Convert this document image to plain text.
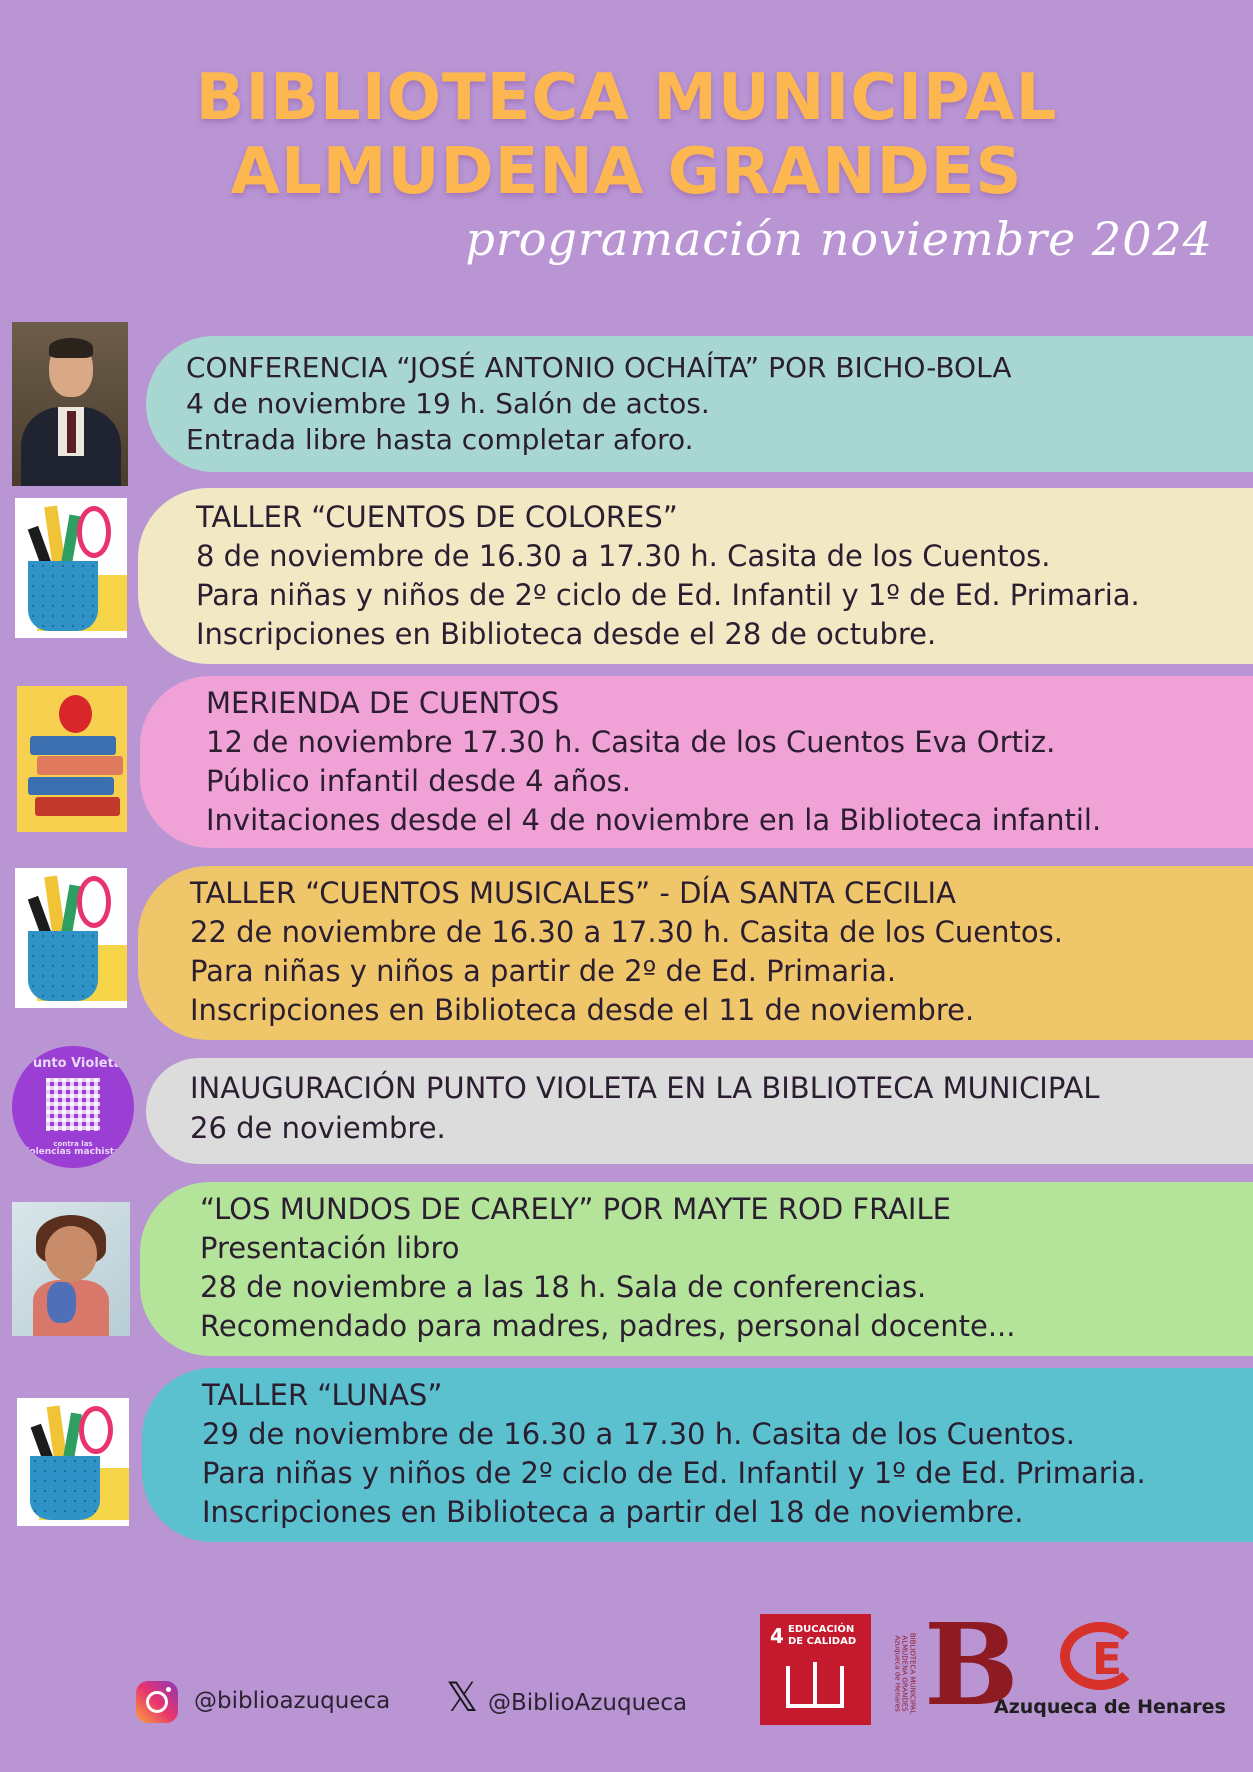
BIBLIOTECA MUNICIPAL
ALMUDENA GRANDES
programación noviembre 2024
CONFERENCIA “JOSÉ ANTONIO OCHAÍTA” POR BICHO-BOLA
4 de noviembre 19 h. Salón de actos.
Entrada libre hasta completar aforo.
TALLER “CUENTOS DE COLORES”
8 de noviembre de 16.30 a 17.30 h. Casita de los Cuentos.
Para niñas y niños de 2º ciclo de Ed. Infantil y 1º de Ed. Primaria.
Inscripciones en Biblioteca desde el 28 de octubre.
MERIENDA DE CUENTOS
12 de noviembre 17.30 h. Casita de los Cuentos Eva Ortiz.
Público infantil desde 4 años.
Invitaciones desde el 4 de noviembre en la Biblioteca infantil.
TALLER “CUENTOS MUSICALES” - DÍA SANTA CECILIA
22 de noviembre de 16.30 a 17.30 h. Casita de los Cuentos.
Para niñas y niños a partir de 2º de Ed. Primaria.
Inscripciones en Biblioteca desde el 11 de noviembre.
Punto Violeta
contra las
violencias machistas
INAUGURACIÓN PUNTO VIOLETA EN LA BIBLIOTECA MUNICIPAL
26 de noviembre.
“LOS MUNDOS DE CARELY” POR MAYTE ROD FRAILE
Presentación libro
28 de noviembre a las 18 h. Sala de conferencias.
Recomendado para madres, padres, personal docente...
TALLER “LUNAS”
29 de noviembre de 16.30 a 17.30 h. Casita de los Cuentos.
Para niñas y niños de 2º ciclo de Ed. Infantil y 1º de Ed. Primaria.
Inscripciones en Biblioteca a partir del 18 de noviembre.
@biblioazuqueca 𝕏 @BiblioAzuqueca
4 EDUCACIÓN
DE CALIDAD	BIBLIOTECA MUNICIPAL
ALMUDENA GRANDES
Azuqueca de Henares B E
Azuqueca de Henares
